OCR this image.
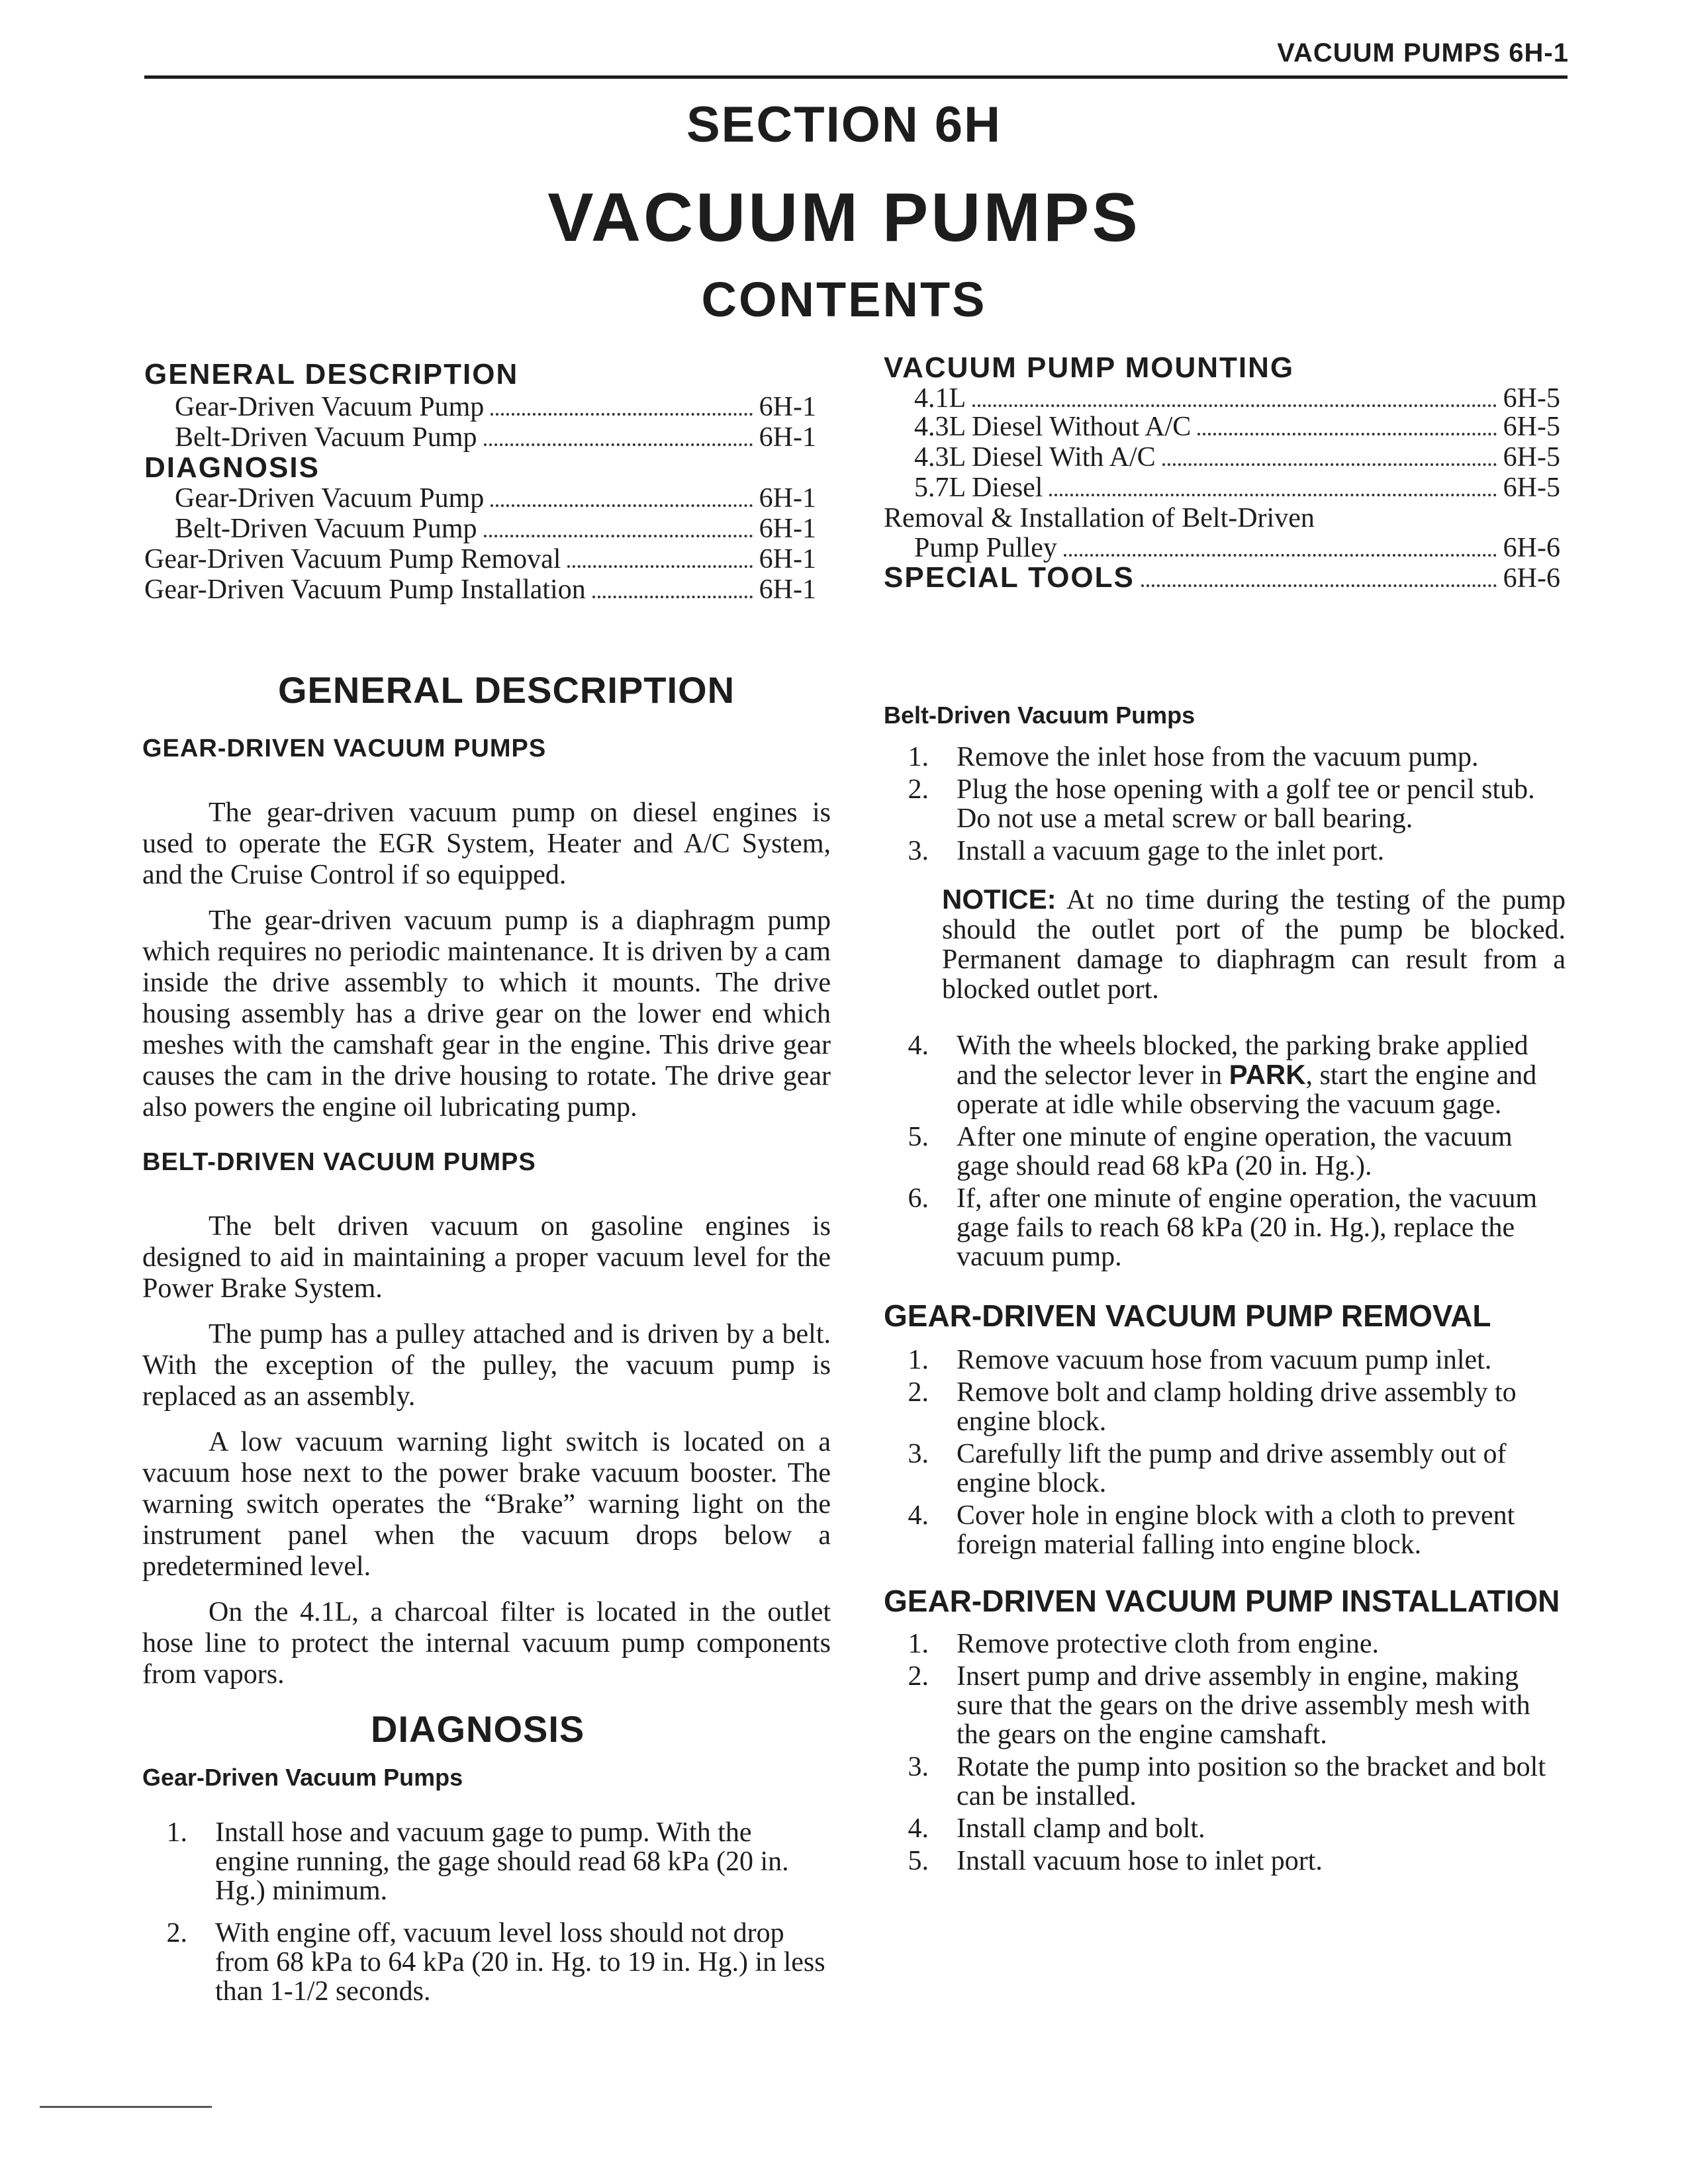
VACUUM PUMPS 6H-1
SECTION 6H
VACUUM PUMPS
CONTENTS
GENERAL DESCRIPTION
Gear-Driven Vacuum Pump	6H-1
Belt-Driven Vacuum Pump	6H-1
DIAGNOSIS
Gear-Driven Vacuum Pump	6H-1
Belt-Driven Vacuum Pump	6H-1
Gear-Driven Vacuum Pump Removal	6H-1
Gear-Driven Vacuum Pump Installation	6H-1
VACUUM PUMP MOUNTING
4.1L	6H-5
4.3L Diesel Without A/C	6H-5
4.3L Diesel With A/C	6H-5
5.7L Diesel	6H-5
Removal & Installation of Belt-Driven
Pump Pulley	6H-6
SPECIAL TOOLS	6H-6
GENERAL DESCRIPTION
GEAR-DRIVEN VACUUM PUMPS

The gear-driven vacuum pump on diesel engines is used to operate the EGR System, Heater and A/C System, and the Cruise Control if so equipped.

The gear-driven vacuum pump is a diaphragm pump which requires no periodic maintenance. It is driven by a cam inside the drive assembly to which it mounts. The drive housing assembly has a drive gear on the lower end which meshes with the camshaft gear in the engine. This drive gear causes the cam in the drive housing to rotate. The drive gear also powers the engine oil lubricating pump.

BELT-DRIVEN VACUUM PUMPS

The belt driven vacuum on gasoline engines is designed to aid in maintaining a proper vacuum level for the Power Brake System.

The pump has a pulley attached and is driven by a belt. With the exception of the pulley, the vacuum pump is replaced as an assembly.

A low vacuum warning light switch is located on a vacuum hose next to the power brake vacuum booster. The warning switch operates the “Brake” warning light on the instrument panel when the vacuum drops below a predetermined level.

On the 4.1L, a charcoal filter is located in the outlet hose line to protect the internal vacuum pump components from vapors.

DIAGNOSIS
Gear-Driven Vacuum Pumps
1.	Install hose and vacuum gage to pump. With the engine running, the gage should read 68 kPa (20 in. Hg.) minimum.
2.	With engine off, vacuum level loss should not drop from 68 kPa to 64 kPa (20 in. Hg. to 19 in. Hg.) in less than 1-1/2 seconds.
Belt-Driven Vacuum Pumps
1.	Remove the inlet hose from the vacuum pump.
2.	Plug the hose opening with a golf tee or pencil stub. Do not use a metal screw or ball bearing.
3.	Install a vacuum gage to the inlet port.

NOTICE: At no time during the testing of the pump should the outlet port of the pump be blocked. Permanent damage to diaphragm can result from a blocked outlet port.

4.	With the wheels blocked, the parking brake applied and the selector lever in PARK, start the engine and operate at idle while observing the vacuum gage.
5.	After one minute of engine operation, the vacuum gage should read 68 kPa (20 in. Hg.).
6.	If, after one minute of engine operation, the vacuum gage fails to reach 68 kPa (20 in. Hg.), replace the vacuum pump.
GEAR-DRIVEN VACUUM PUMP REMOVAL
1.	Remove vacuum hose from vacuum pump inlet.
2.	Remove bolt and clamp holding drive assembly to engine block.
3.	Carefully lift the pump and drive assembly out of engine block.
4.	Cover hole in engine block with a cloth to prevent foreign material falling into engine block.
GEAR-DRIVEN VACUUM PUMP INSTALLATION
1.	Remove protective cloth from engine.
2.	Insert pump and drive assembly in engine, making sure that the gears on the drive assembly mesh with the gears on the engine camshaft.
3.	Rotate the pump into position so the bracket and bolt can be installed.
4.	Install clamp and bolt.
5.	Install vacuum hose to inlet port.
